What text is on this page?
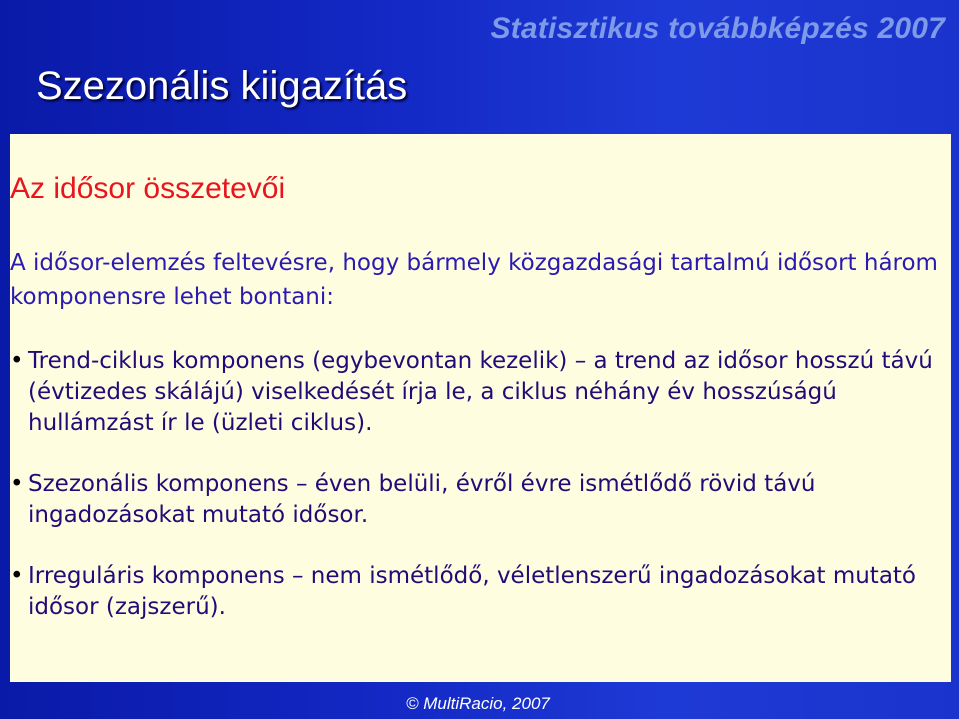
Statisztikus továbbképzés 2007
Szezonális kiigazítás
Az idősor összetevői

A idősor-elemzés feltevésre, hogy bármely közgazdasági tartalmú idősort három komponensre lehet bontani:

• Trend-ciklus komponens (egybevontan kezelik) – a trend az idősor hosszú távú (évtizedes skálájú) viselkedését írja le, a ciklus néhány év hosszúságú hullámzást ír le (üzleti ciklus).
• Szezonális komponens – éven belüli, évről évre ismétlődő rövid távú ingadozásokat mutató idősor.
• Irreguláris komponens – nem ismétlődő, véletlenszerű ingadozásokat mutató idősor (zajszerű).
© MultiRacio, 2007
